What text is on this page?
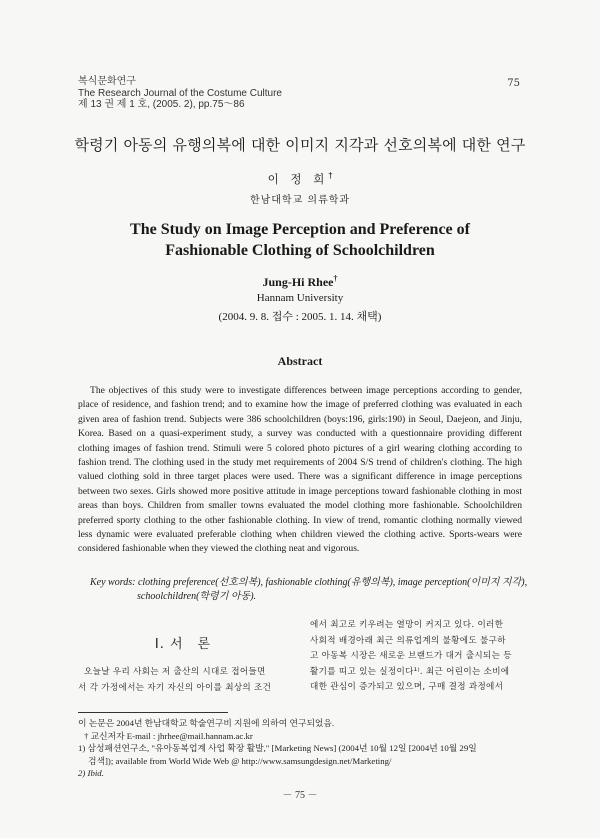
복식문화연구
The Research Journal of the Costume Culture
제 13 권 제 1 호, (2005. 2), pp.75～86
75
학령기 아동의 유행의복에 대한 이미지 지각과 선호의복에 대한 연구
이 정 희†
한남대학교 의류학과
The Study on Image Perception and Preference of
Fashionable Clothing of Schoolchildren
Jung-Hi Rhee†
Hannam University
(2004. 9. 8. 접수 : 2005. 1. 14. 채택)
Abstract
The objectives of this study were to investigate differences between image perceptions according to gender, place of residence, and fashion trend; and to examine how the image of preferred clothing was evaluated in each given area of fashion trend. Subjects were 386 schoolchildren (boys:196, girls:190) in Seoul, Daejeon, and Jinju, Korea. Based on a quasi-experiment study, a survey was conducted with a questionnaire providing different clothing images of fashion trend. Stimuli were 5 colored photo pictures of a girl wearing clothing according to fashion trend. The clothing used in the study met requirements of 2004 S/S trend of children's clothing. The high valued clothing sold in three target places were used. There was a significant difference in image perceptions between two sexes. Girls showed more positive attitude in image perceptions toward fashionable clothing in most areas than boys. Children from smaller towns evaluated the model clothing more fashionable. Schoolchildren preferred sporty clothing to the other fashionable clothing. In view of trend, romantic clothing normally viewed less dynamic were evaluated preferable clothing when children viewed the clothing active. Sports-wears were considered fashionable when they viewed the clothing neat and vigorous.
Key words: clothing preference(선호의복), fashionable clothing(유행의복), image perception(이미지 지각),
schoolchildren(학령기 아동).
Ⅰ. 서　론
오늘날 우리 사회는 저 출산의 시대로 접어들면
서 각 가정에서는 자기 자신의 아이를 최상의 조건
에서 최고로 키우려는 열망이 커지고 있다. 이러한
사회적 배경아래 최근 의류업계의 불황에도 불구하
고 아동복 시장은 새로운 브랜드가 대거 출시되는 등
활기를 띠고 있는 실정이다¹⁾. 최근 어린이는 소비에
대한 관심이 증가되고 있으며, 구매 결정 과정에서
이 논문은 2004년 한남대학교 학술연구비 지원에 의하여 연구되었음.
† 교신저자 E-mail : jhrhee@mail.hannam.ac.kr
1) 삼성패션연구소, "유아동복업계 사업 확장 활발," [Marketing News] (2004년 10월 12일 [2004년 10월 29일
검색]); available from World Wide Web @ http://www.samsungdesign.net/Marketing/
2) Ibid.
－ 75 －
